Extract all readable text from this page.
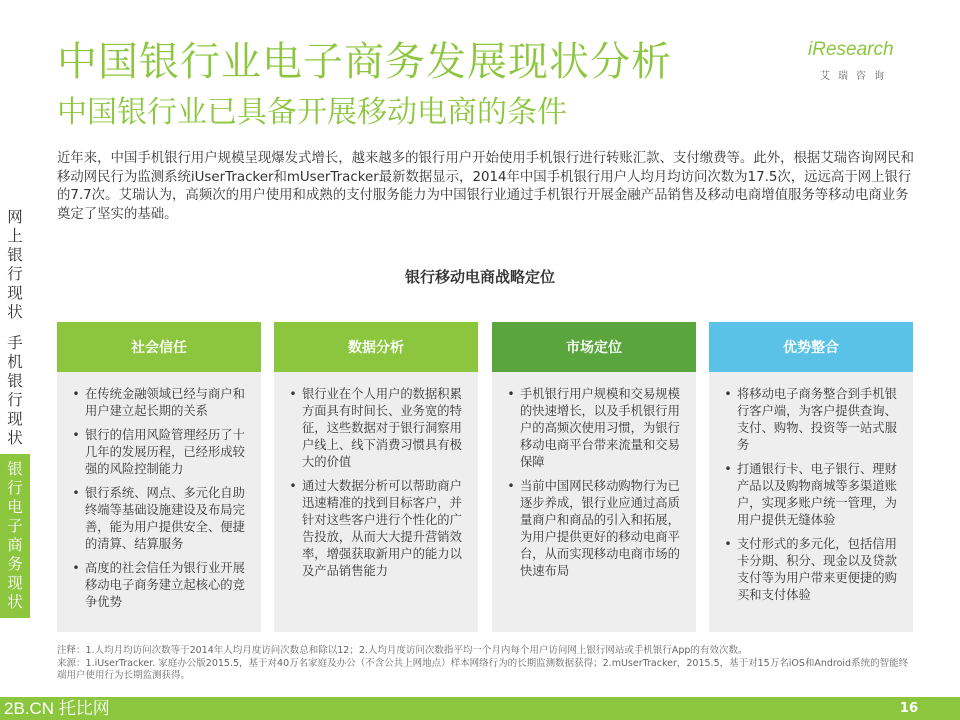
中国银行业电子商务发展现状分析
中国银行业已具备开展移动电商的条件
iResearch
艾瑞咨询
近年来，中国手机银行用户规模呈现爆发式增长，越来越多的银行用户开始使用手机银行进行转账汇款、支付缴费等。此外，根据艾瑞咨询网民和移动网民行为监测系统iUserTracker和mUserTracker最新数据显示，2014年中国手机银行用户人均月均访问次数为17.5次，远远高于网上银行的7.7次。艾瑞认为，高频次的用户使用和成熟的支付服务能力为中国银行业通过手机银行开展金融产品销售及移动电商增值服务等移动电商业务奠定了坚实的基础。
网
上
银
行
现
状
手
机
银
行
现
状
银
行
电
子
商
务
现
状
银行移动电商战略定位
社会信任
• 在传统金融领域已经与商户和用户建立起长期的关系
• 银行的信用风险管理经历了十几年的发展历程，已经形成较强的风险控制能力
• 银行系统、网点、多元化自助终端等基础设施建设及布局完善，能为用户提供安全、便捷的清算、结算服务
• 高度的社会信任为银行业开展移动电子商务建立起核心的竞争优势
数据分析
• 银行业在个人用户的数据积累方面具有时间长、业务宽的特征，这些数据对于银行洞察用户线上、线下消费习惯具有极大的价值
• 通过大数据分析可以帮助商户迅速精准的找到目标客户，并针对这些客户进行个性化的广告投放，从而大大提升营销效率，增强获取新用户的能力以及产品销售能力
市场定位
• 手机银行用户规模和交易规模的快速增长，以及手机银行用户的高频次使用习惯，为银行移动电商平台带来流量和交易保障
• 当前中国网民移动购物行为已逐步养成，银行业应通过高质量商户和商品的引入和拓展，为用户提供更好的移动电商平台，从而实现移动电商市场的快速布局
优势整合
• 将移动电子商务整合到手机银行客户端，为客户提供查询、支付、购物、投资等一站式服务
• 打通银行卡、电子银行、理财产品以及购物商城等多渠道账户，实现多账户统一管理，为用户提供无缝体验
• 支付形式的多元化，包括信用卡分期、积分、现金以及贷款支付等为用户带来更便捷的购买和支付体验
注释：1.人均月均访问次数等于2014年人均月度访问次数总和除以12；2.人均月度访问次数指平均一个月内每个用户访问网上银行网站或手机银行App的有效次数。
来源：1.iUserTracker. 家庭办公版2015.5，基于对40万名家庭及办公（不含公共上网地点）样本网络行为的长期监测数据获得；2.mUserTracker，2015.5，基于对15万名iOS和Android系统的智能终端用户使用行为长期监测获得。
2B.CN 托比网	16
